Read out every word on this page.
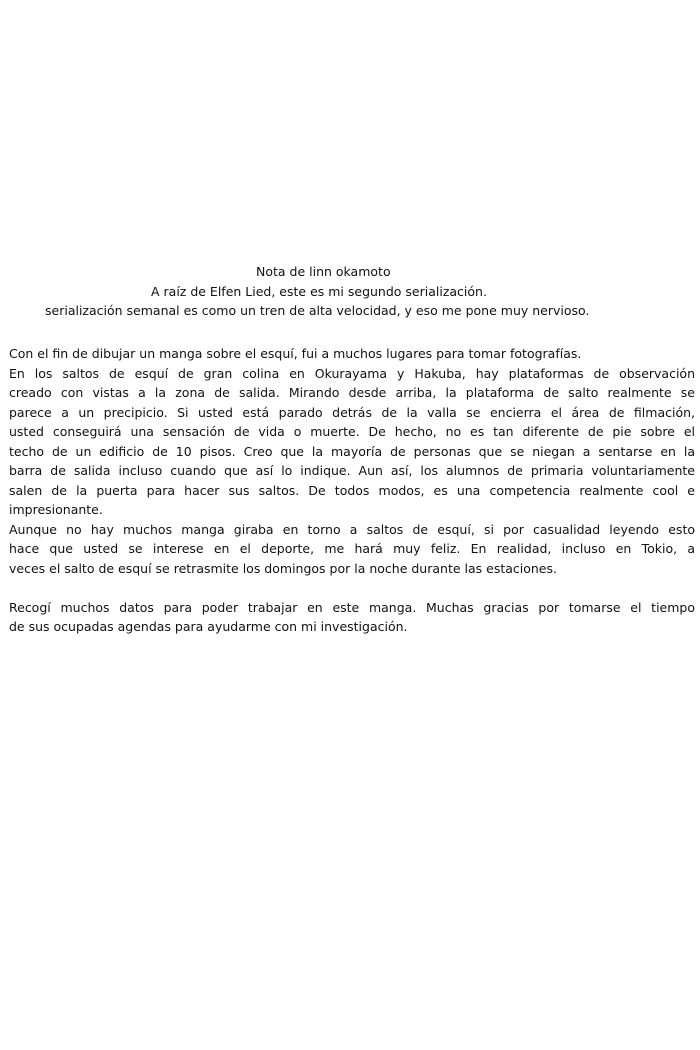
Nota de linn okamoto
A raíz de Elfen Lied, este es mi segundo serialización.
serialización semanal es como un tren de alta velocidad, y eso me pone muy nervioso.
Con el fin de dibujar un manga sobre el esquí, fui a muchos lugares para tomar fotografías.
En los saltos de esquí de gran colina en Okurayama y Hakuba, hay plataformas de observación
creado con vistas a la zona de salida. Mirando desde arriba, la plataforma de salto realmente se
parece a un precipicio. Si usted está parado detrás de la valla se encierra el área de filmación,
usted conseguirá una sensación de vida o muerte. De hecho, no es tan diferente de pie sobre el
techo de un edificio de 10 pisos. Creo que la mayoría de personas que se niegan a sentarse en la
barra de salida incluso cuando que así lo indique. Aun así, los alumnos de primaria voluntariamente
salen de la puerta para hacer sus saltos. De todos modos, es una competencia realmente cool e
impresionante.
Aunque no hay muchos manga giraba en torno a saltos de esquí, si por casualidad leyendo esto
hace que usted se interese en el deporte, me hará muy feliz. En realidad, incluso en Tokio, a
veces el salto de esquí se retrasmite los domingos por la noche durante las estaciones.
Recogí muchos datos para poder trabajar en este manga. Muchas gracias por tomarse el tiempo
de sus ocupadas agendas para ayudarme con mi investigación.
